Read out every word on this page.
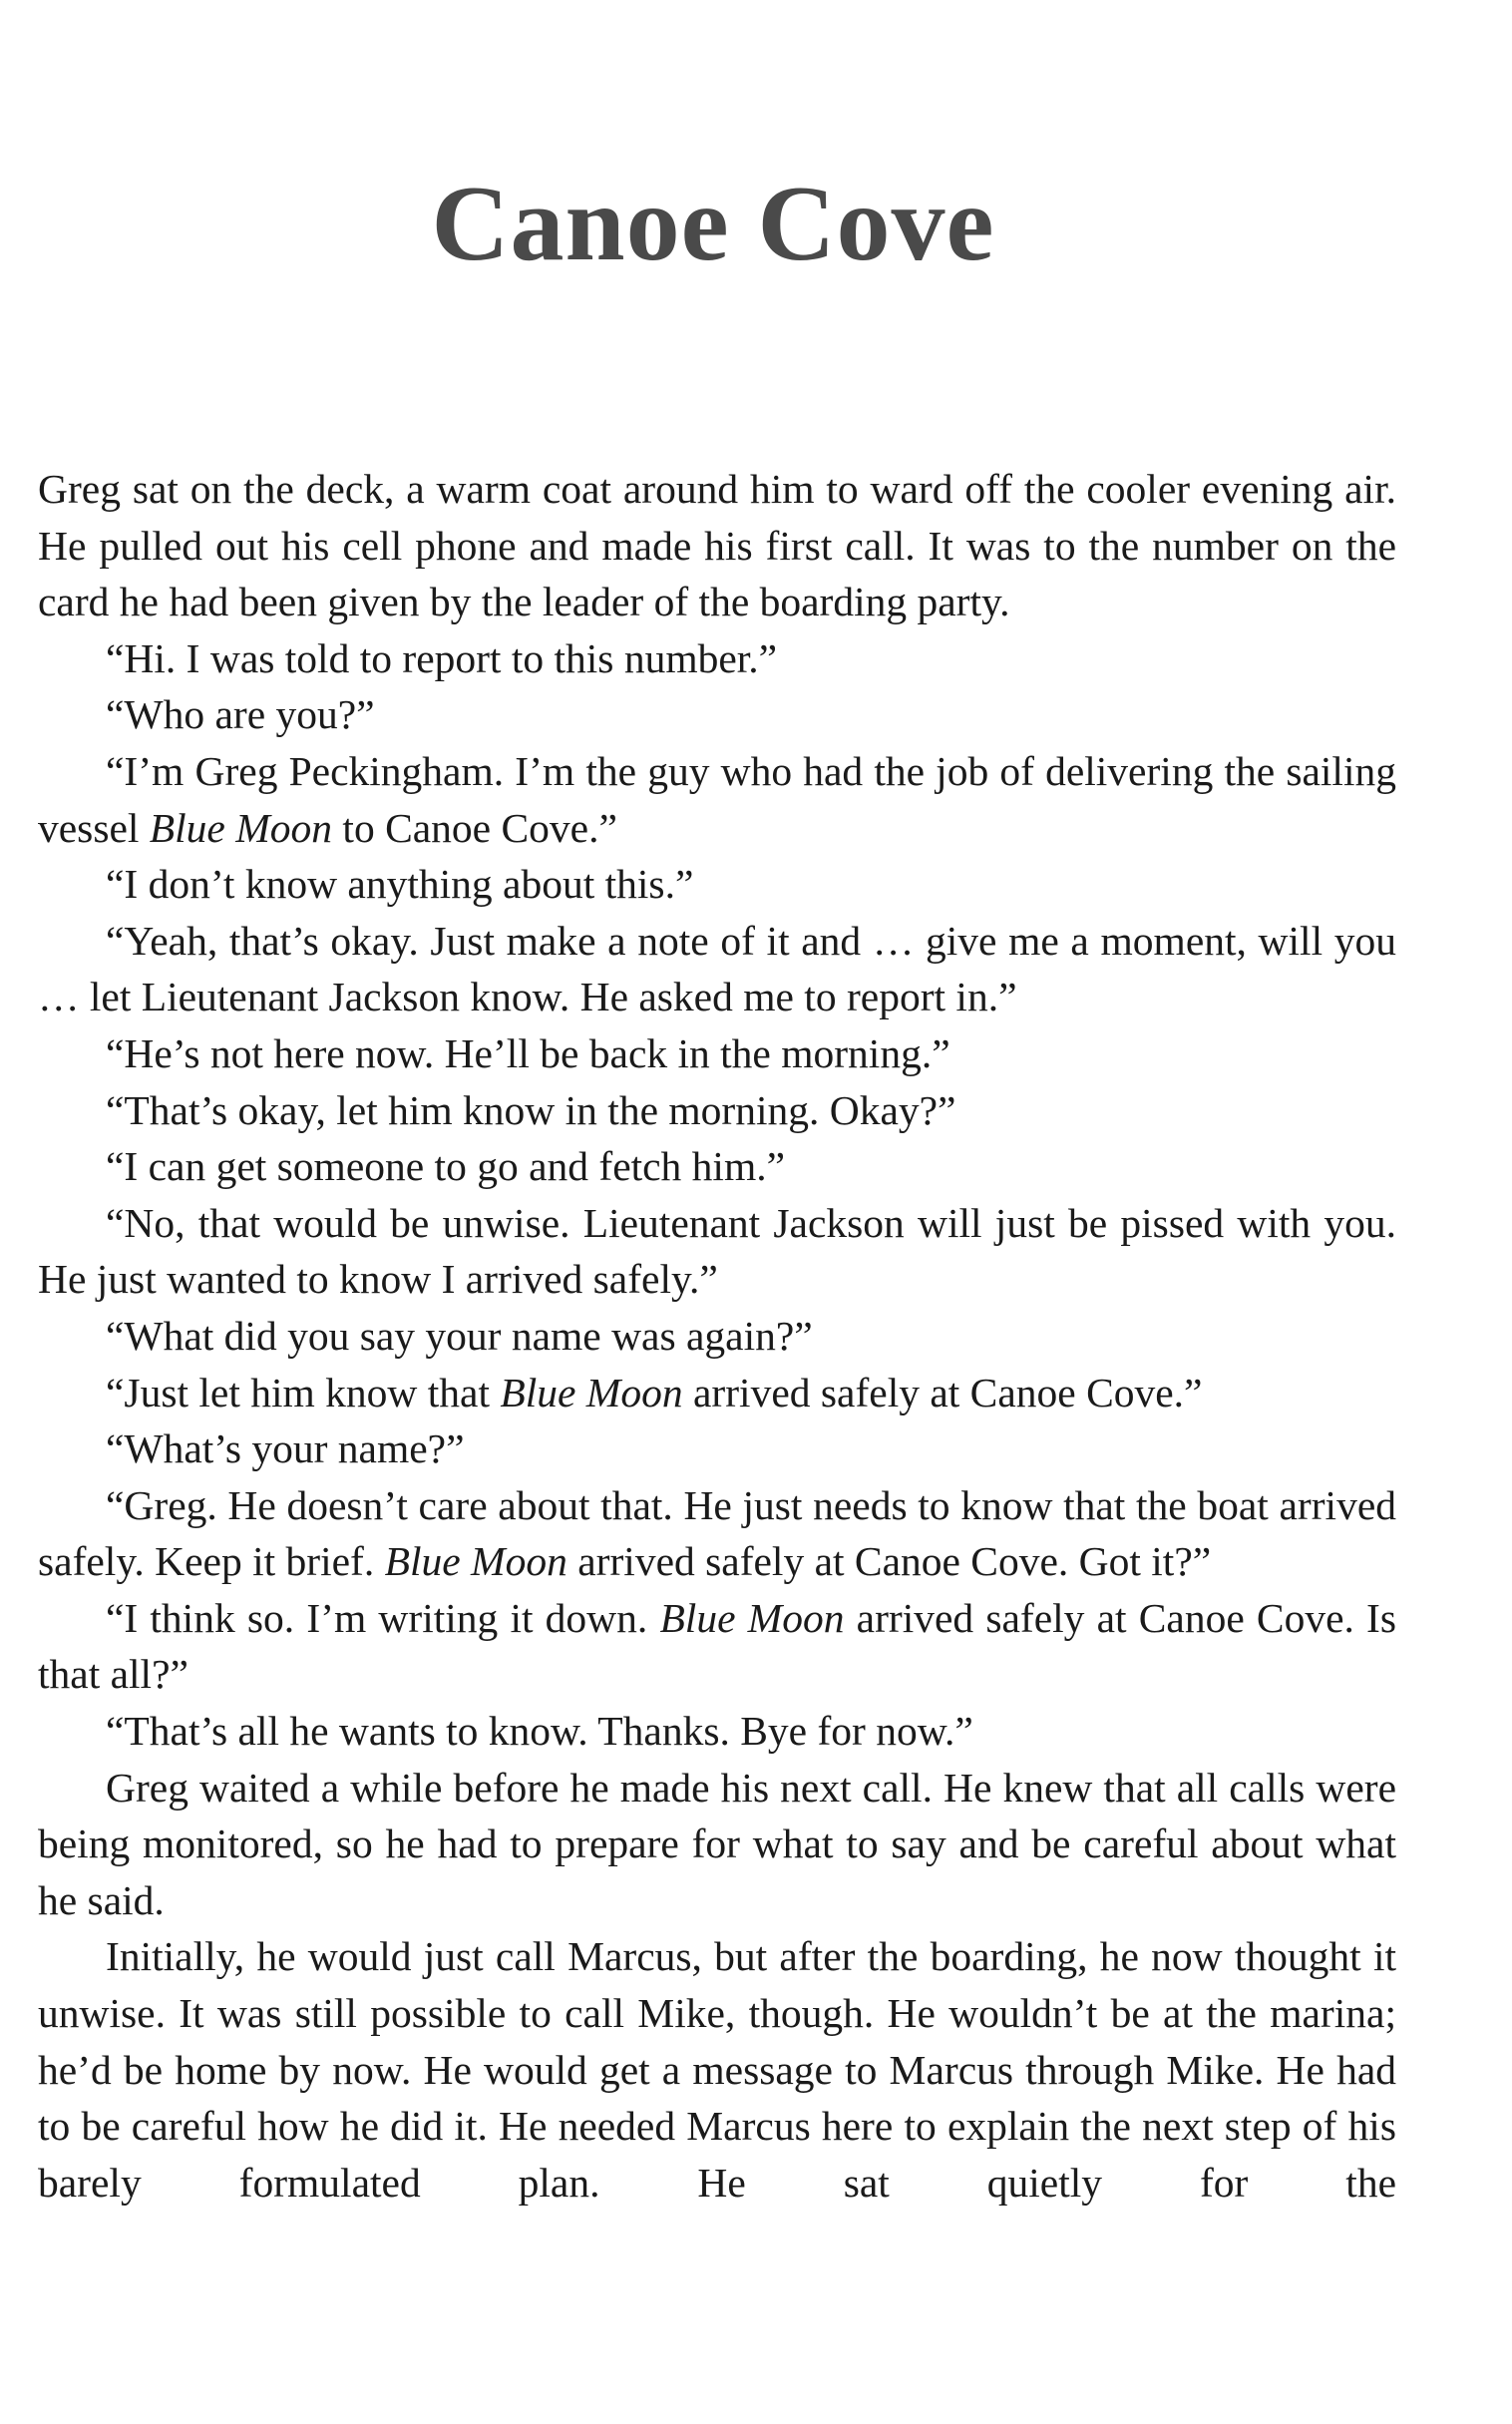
Canoe Cove

Greg sat on the deck, a warm coat around him to ward off the cooler evening air. He pulled out his cell phone and made his first call. It was to the number on the card he had been given by the leader of the boarding party.

“Hi. I was told to report to this number.”

“Who are you?”

“I’m Greg Peckingham. I’m the guy who had the job of delivering the sailing vessel Blue Moon to Canoe Cove.”

“I don’t know anything about this.”

“Yeah, that’s okay. Just make a note of it and … give me a moment, will you … let Lieutenant Jackson know. He asked me to report in.”

“He’s not here now. He’ll be back in the morning.”

“That’s okay, let him know in the morning. Okay?”

“I can get someone to go and fetch him.”

“No, that would be unwise. Lieutenant Jackson will just be pissed with you. He just wanted to know I arrived safely.”

“What did you say your name was again?”

“Just let him know that Blue Moon arrived safely at Canoe Cove.”

“What’s your name?”

“Greg. He doesn’t care about that. He just needs to know that the boat arrived safely. Keep it brief. Blue Moon arrived safely at Canoe Cove. Got it?”

“I think so. I’m writing it down. Blue Moon arrived safely at Canoe Cove. Is that all?”

“That’s all he wants to know. Thanks. Bye for now.”

Greg waited a while before he made his next call. He knew that all calls were being monitored, so he had to prepare for what to say and be careful about what he said.

Initially, he would just call Marcus, but after the boarding, he now thought it unwise. It was still possible to call Mike, though. He wouldn’t be at the marina; he’d be home by now. He would get a message to Marcus through Mike. He had to be careful how he did it. He needed Marcus here to explain the next step of his barely formulated plan. He sat quietly for the
